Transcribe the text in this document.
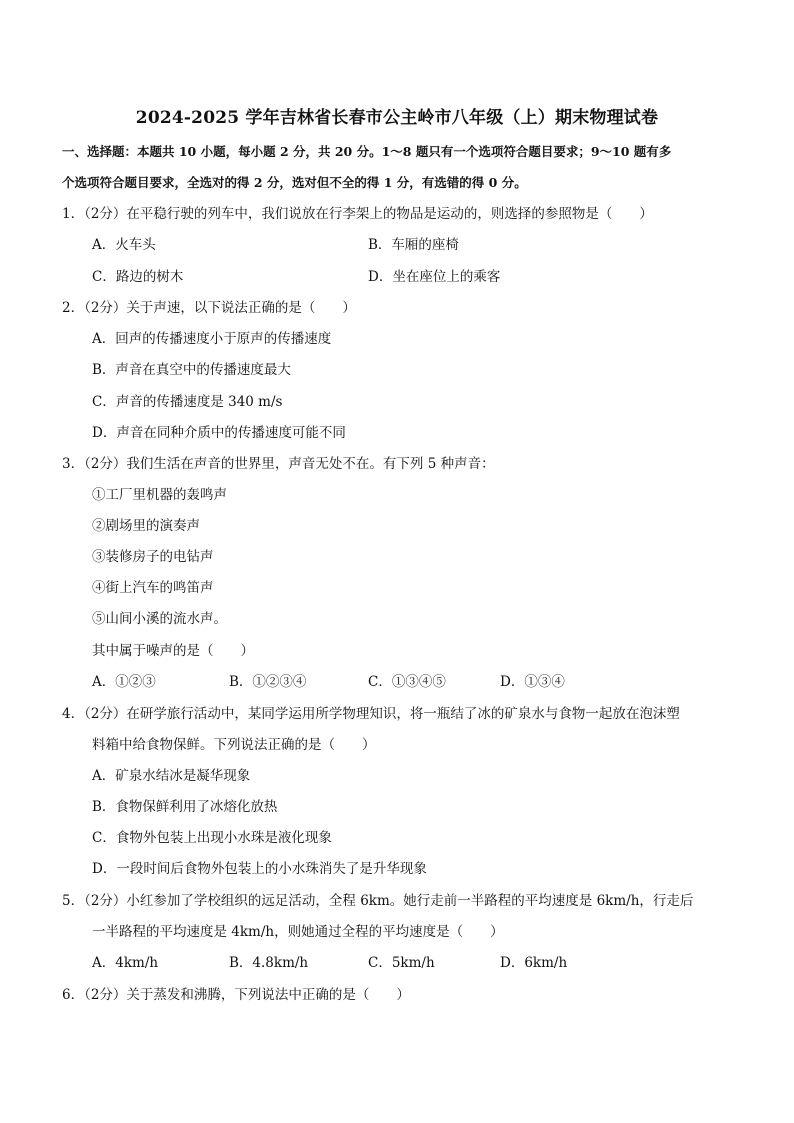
2024-2025 学年吉林省长春市公主岭市八年级（上）期末物理试卷
一、选择题：本题共 10 小题，每小题 2 分，共 20 分。1～8 题只有一个选项符合题目要求；9～10 题有多
个选项符合题目要求，全选对的得 2 分，选对但不全的得 1 分，有选错的得 0 分。
1．（2分）在平稳行驶的列车中，我们说放在行李架上的物品是运动的，则选择的参照物是（　　）
A．火车头	B．车厢的座椅
C．路边的树木	D．坐在座位上的乘客
2．（2分）关于声速，以下说法正确的是（　　）
A．回声的传播速度小于原声的传播速度
B．声音在真空中的传播速度最大
C．声音的传播速度是 340 m/s
D．声音在同种介质中的传播速度可能不同
3．（2分）我们生活在声音的世界里，声音无处不在。有下列 5 种声音：
①工厂里机器的轰鸣声
②剧场里的演奏声
③装修房子的电钻声
④街上汽车的鸣笛声
⑤山间小溪的流水声。
其中属于噪声的是（　　）
A．①②③	B．①②③④	C．①③④⑤	D．①③④
4．（2分）在研学旅行活动中，某同学运用所学物理知识，将一瓶结了冰的矿泉水与食物一起放在泡沫塑
料箱中给食物保鲜。下列说法正确的是（　　）
A．矿泉水结冰是凝华现象
B．食物保鲜利用了冰熔化放热
C．食物外包装上出现小水珠是液化现象
D．一段时间后食物外包装上的小水珠消失了是升华现象
5．（2分）小红参加了学校组织的远足活动，全程 6km。她行走前一半路程的平均速度是 6km/h，行走后
一半路程的平均速度是 4km/h，则她通过全程的平均速度是（　　）
A．4km/h	B．4.8km/h	C．5km/h	D．6km/h
6．（2分）关于蒸发和沸腾，下列说法中正确的是（　　）
